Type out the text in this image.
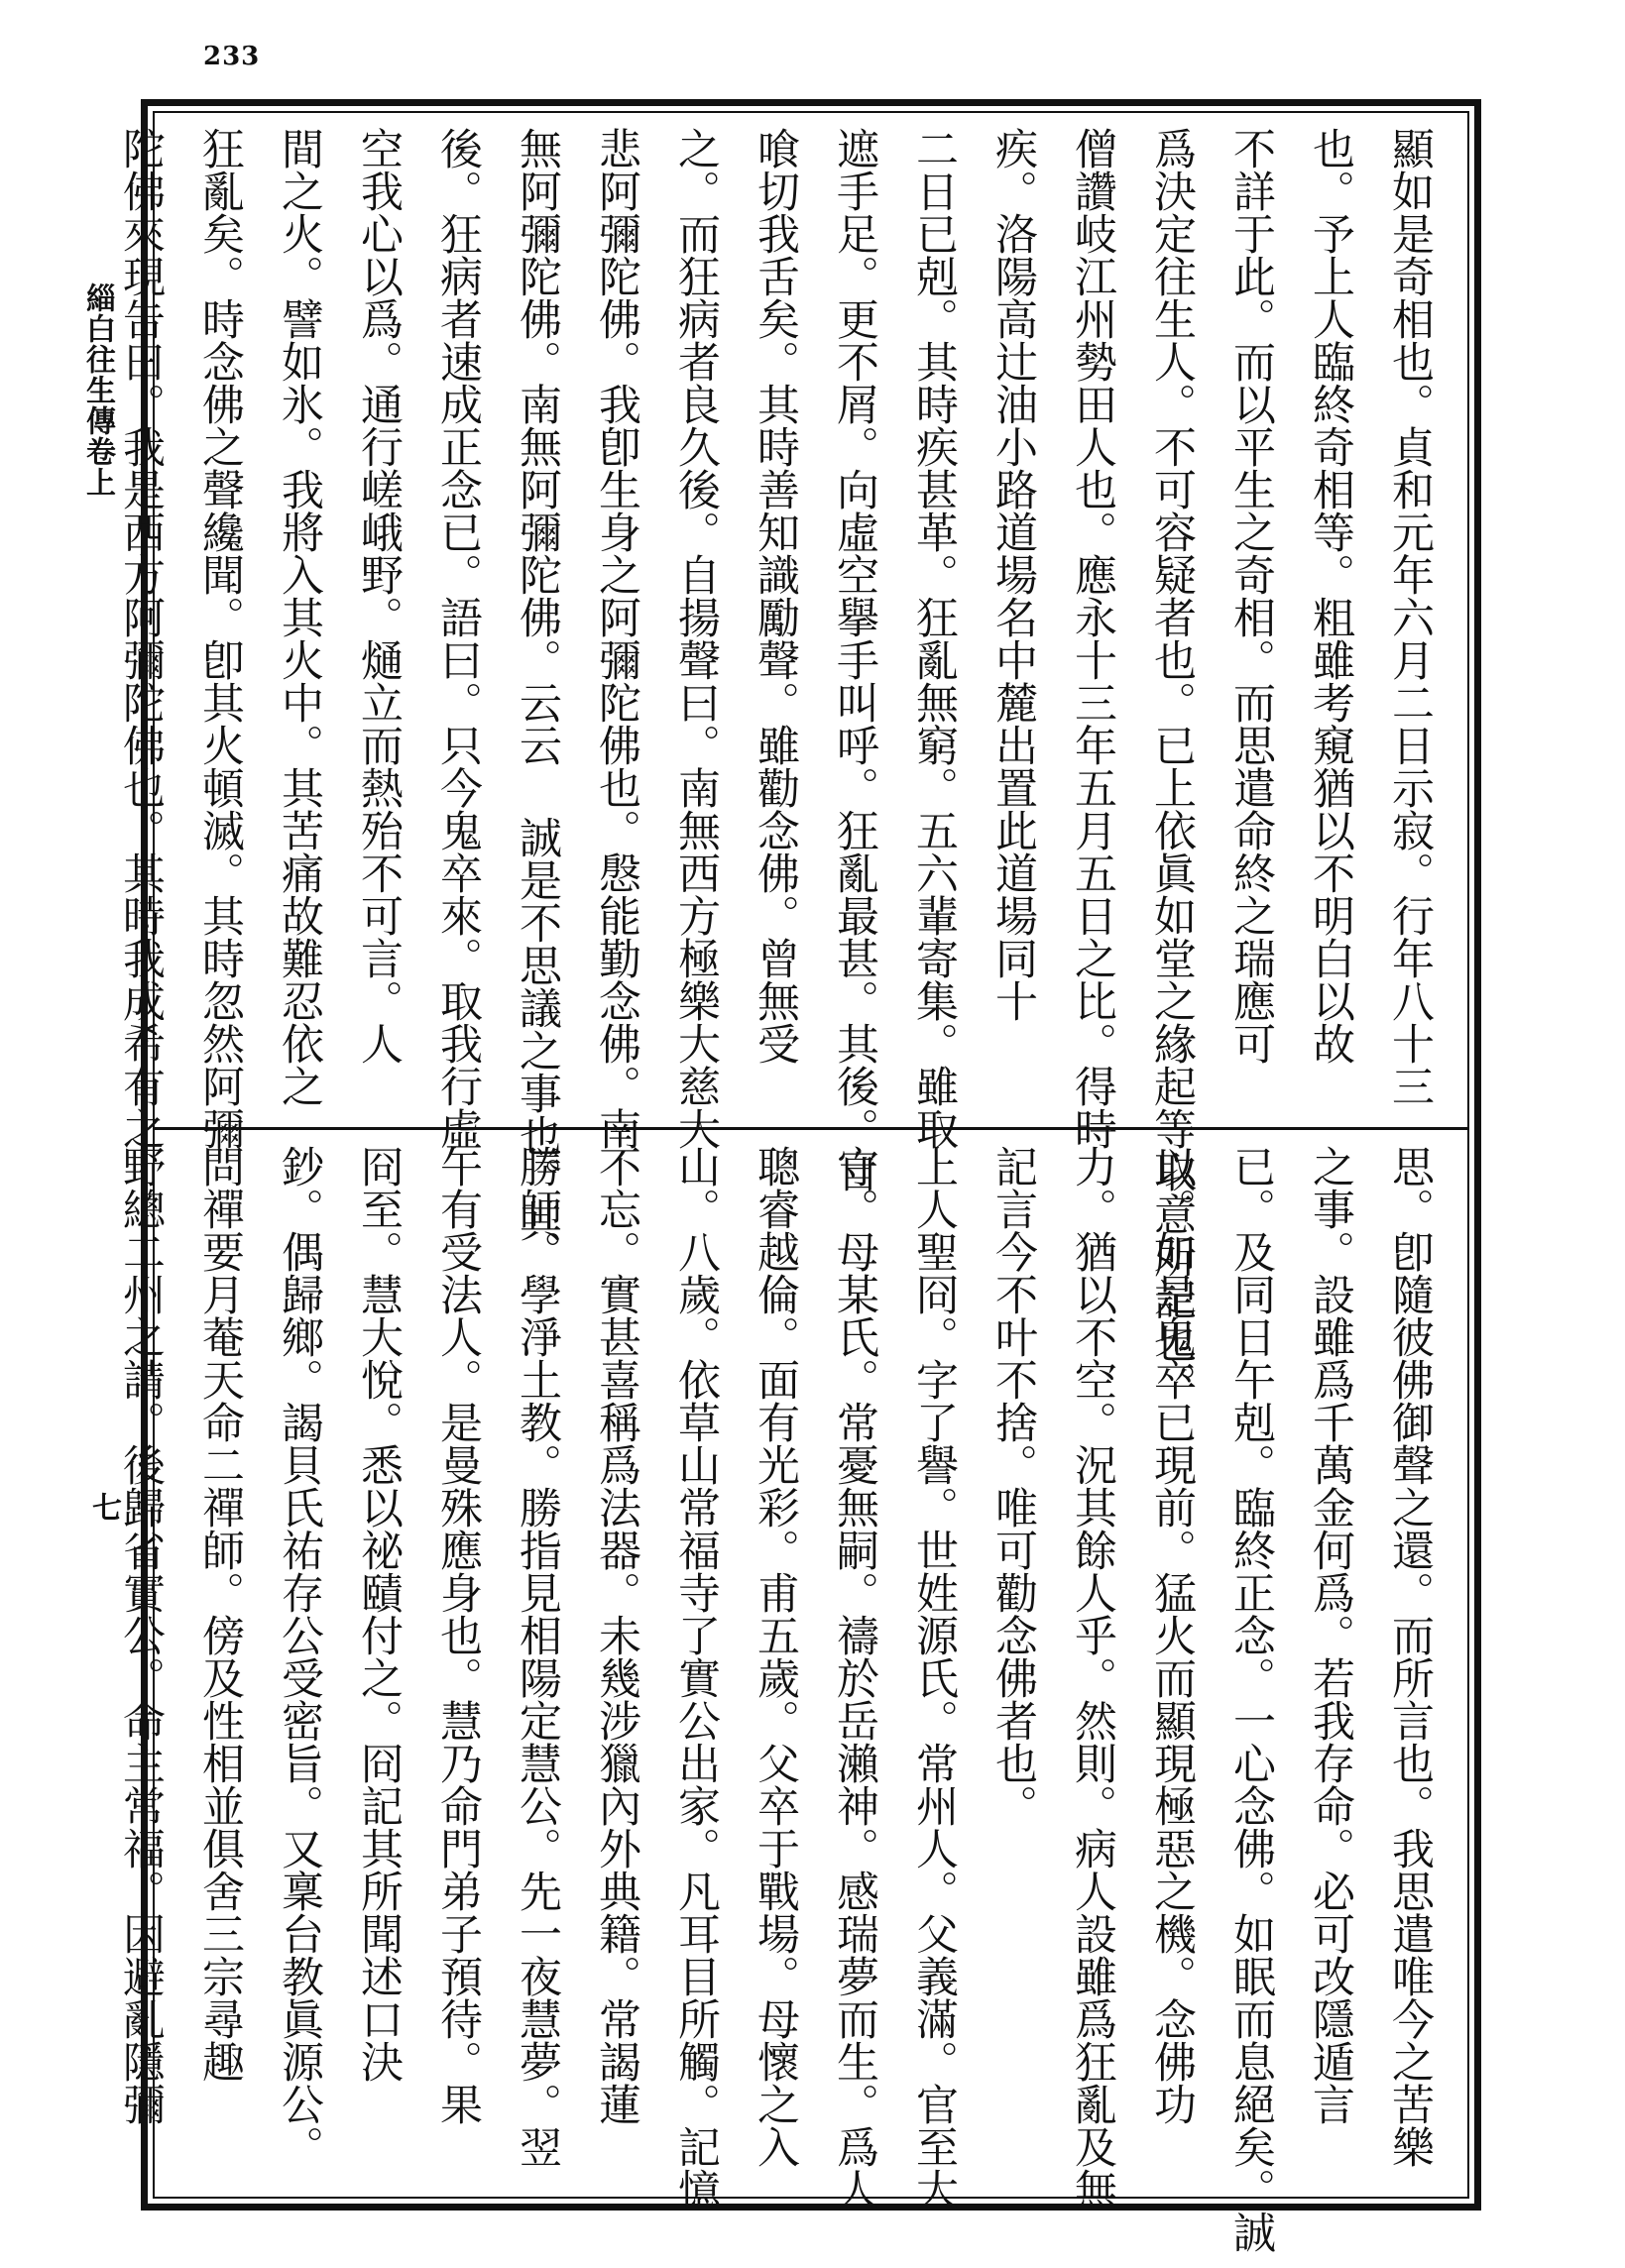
233
緇白往生傳卷上
七
顯如是奇相也。貞和元年六月二日示寂。行年八十三
也。予上人臨終奇相等。粗雖考窺猶以不明白以故
不詳于此。而以平生之奇相。而思遣命終之瑞應可
爲決定往生人。不可容疑者也。已上依眞如堂之緣起等取意所記也。
僧讚岐江州勢田人也。應永十三年五月五日之比。得時
疾。洛陽高辻油小路道場名中麓出置此道場同十
二日已剋。其時疾甚革。狂亂無窮。五六輩寄集。雖取
遮手足。更不屑。向虛空擧手叫呼。狂亂最甚。其後。自
喰切我舌矣。其時善知識勵聲。雖勸念佛。曾無受
之。而狂病者良久後。自揚聲曰。南無西方極樂大慈大
悲阿彌陀佛。我卽生身之阿彌陀佛也。慇能勤念佛。南
無阿彌陀佛。南無阿彌陀佛。云云 誠是不思議之事也。其
後。狂病者速成正念已。語曰。只今鬼卒來。取我行虛
空我心以爲。通行嵯峨野。熥立而熱殆不可言。人
間之火。譬如氷。我將入其火中。其苦痛故難忍依之
狂亂矣。時念佛之聲纔聞。卽其火頓滅。其時忽然阿彌
陀佛來現告曰。我是西方阿彌陀佛也。其時我成希有之
思。卽隨彼佛御聲之還。而所言也。我思遣唯今之苦樂
之事。設雖爲千萬金何爲。若我存命。必可改隱遁言
已。及同日午剋。臨終正念。一心念佛。如眠而息絕矣。誠
以。如是鬼卒已現前。猛火而顯現極惡之機。念佛功
力。猶以不空。況其餘人乎。然則。病人設雖爲狂亂及無
記言今不叶不捨。唯可勸念佛者也。
上人聖冏。字了譽。世姓源氏。常州人。父義滿。官至大
守。母某氏。常憂無嗣。禱於岳瀨神。感瑞夢而生。爲人
聰睿越倫。面有光彩。甫五歲。父卒于戰場。母懷之入
山。八歲。依草山常福寺了實公出家。凡耳目所觸。記憶
不忘。實甚喜稱爲法器。未幾涉獵內外典籍。常謁蓮
勝師。學淨土教。勝指見相陽定慧公。先一夜慧夢。翌
午有受法人。是曼殊應身也。慧乃命門弟子預待。果
冏至。慧大悅。悉以祕賾付之。冏記其所聞述口決
鈔。偶歸鄉。謁貝氏祐存公受密旨。又稟台教眞源公。
問禪要月菴天命二禪師。傍及性相並俱舍三宗尋趣
野總二州之請。後歸省實公。命主常福。因避亂隱彌
